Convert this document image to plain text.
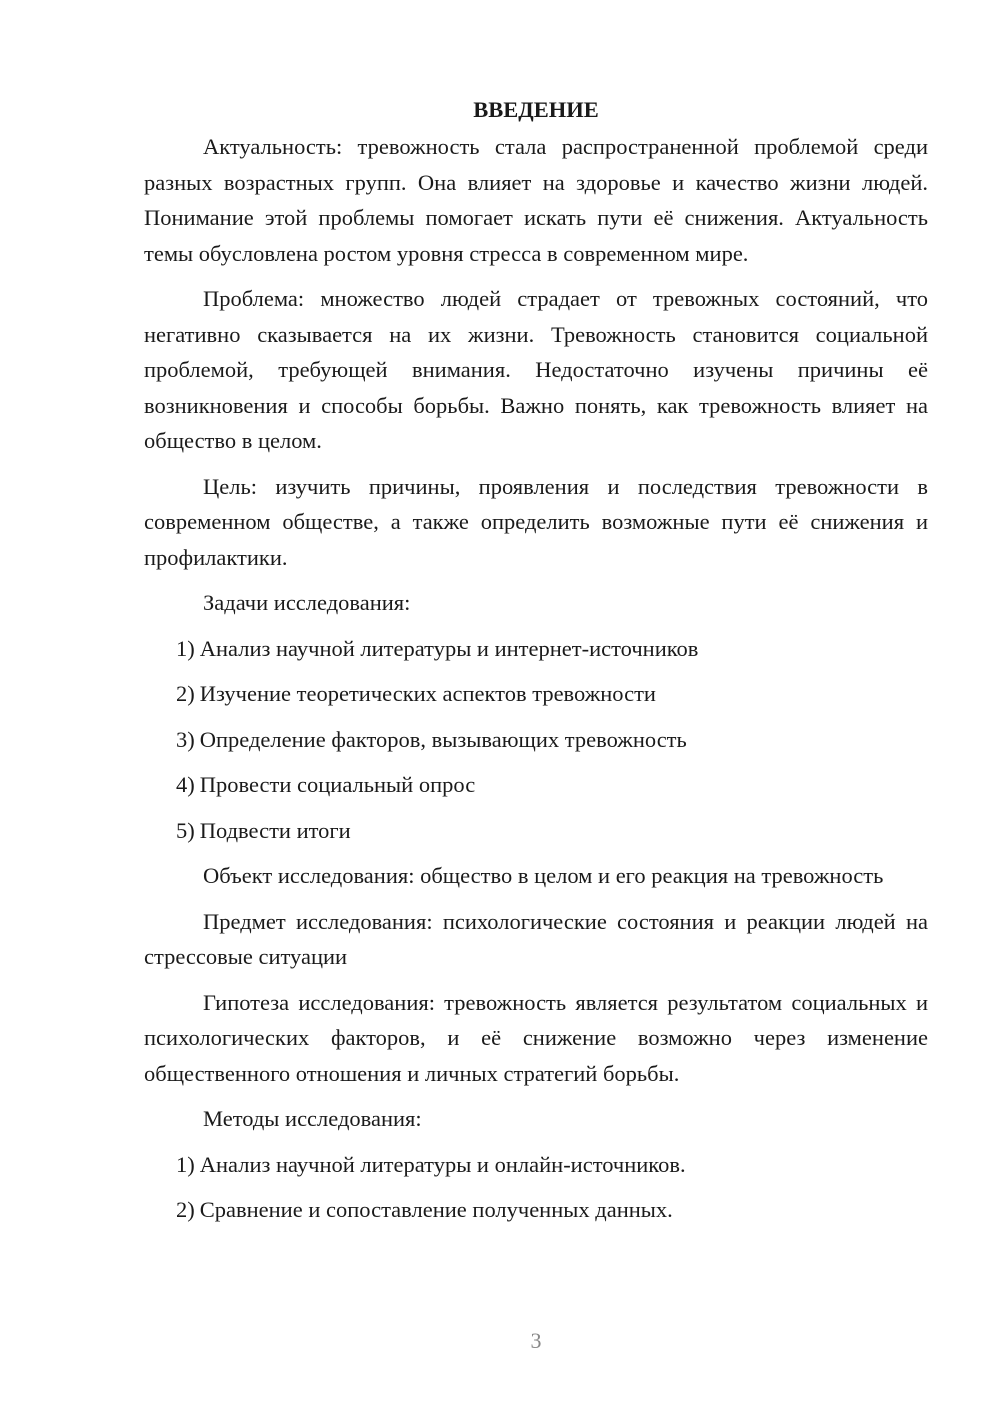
ВВЕДЕНИЕ

Актуальность: тревожность стала распространенной проблемой среди разных возрастных групп. Она влияет на здоровье и качество жизни людей. Понимание этой проблемы помогает искать пути её снижения. Актуальность темы обусловлена ростом уровня стресса в современном мире.

Проблема: множество людей страдает от тревожных состояний, что негативно сказывается на их жизни. Тревожность становится социальной проблемой, требующей внимания. Недостаточно изучены причины её возникновения и способы борьбы. Важно понять, как тревожность влияет на общество в целом.

Цель: изучить причины, проявления и последствия тревожности в современном обществе, а также определить возможные пути её снижения и профилактики.

Задачи исследования:

1) Анализ научной литературы и интернет-источников

2) Изучение теоретических аспектов тревожности

3) Определение факторов, вызывающих тревожность

4) Провести социальный опрос

5) Подвести итоги

Объект исследования: общество в целом и его реакция на тревожность

Предмет исследования: психологические состояния и реакции людей на стрессовые ситуации

Гипотеза исследования: тревожность является результатом социальных и психологических факторов, и её снижение возможно через изменение общественного отношения и личных стратегий борьбы.

Методы исследования:

1) Анализ научной литературы и онлайн-источников.

2) Сравнение и сопоставление полученных данных.

3
